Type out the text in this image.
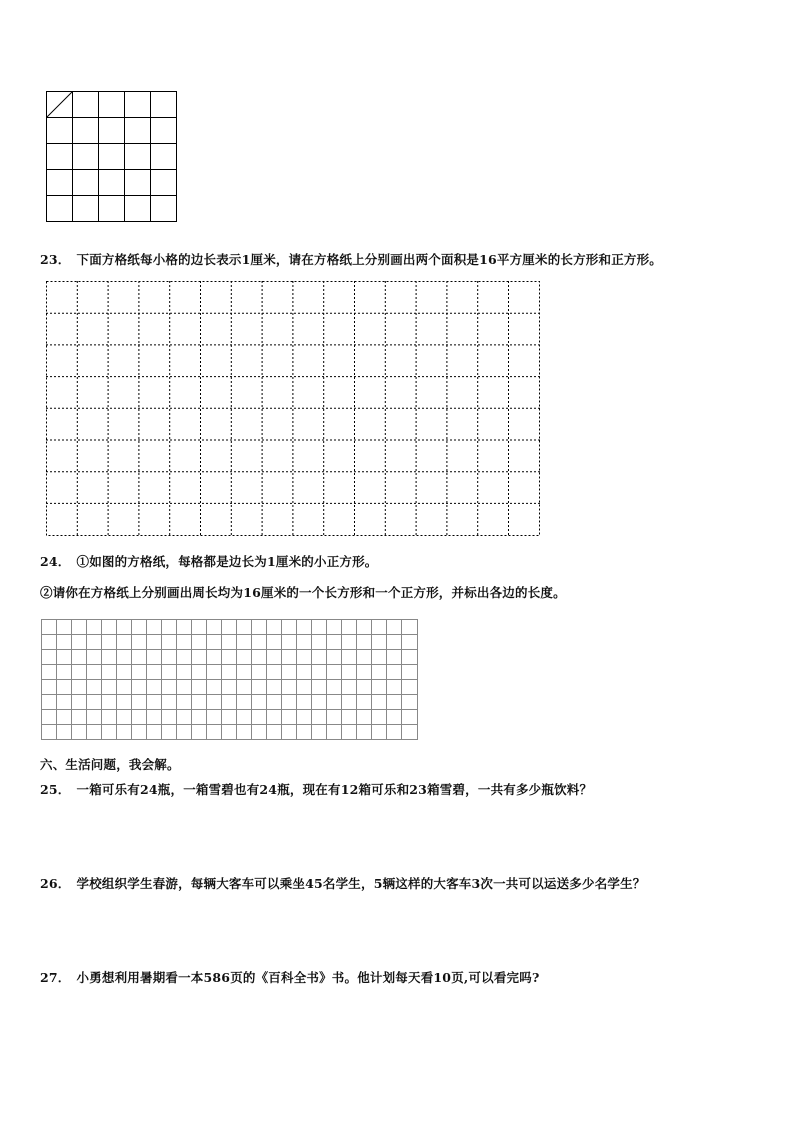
23． 下面方格纸每小格的边长表示1厘米，请在方格纸上分别画出两个面积是16平方厘米的长方形和正方形。
24． ①如图的方格纸，每格都是边长为1厘米的小正方形。
②请你在方格纸上分别画出周长均为16厘米的一个长方形和一个正方形，并标出各边的长度。
六、生活问题，我会解。
25． 一箱可乐有24瓶，一箱雪碧也有24瓶，现在有12箱可乐和23箱雪碧，一共有多少瓶饮料？
26． 学校组织学生春游，每辆大客车可以乘坐45名学生，5辆这样的大客车3次一共可以运送多少名学生？
27． 小勇想利用暑期看一本586页的《百科全书》书。他计划每天看10页,可以看完吗?
